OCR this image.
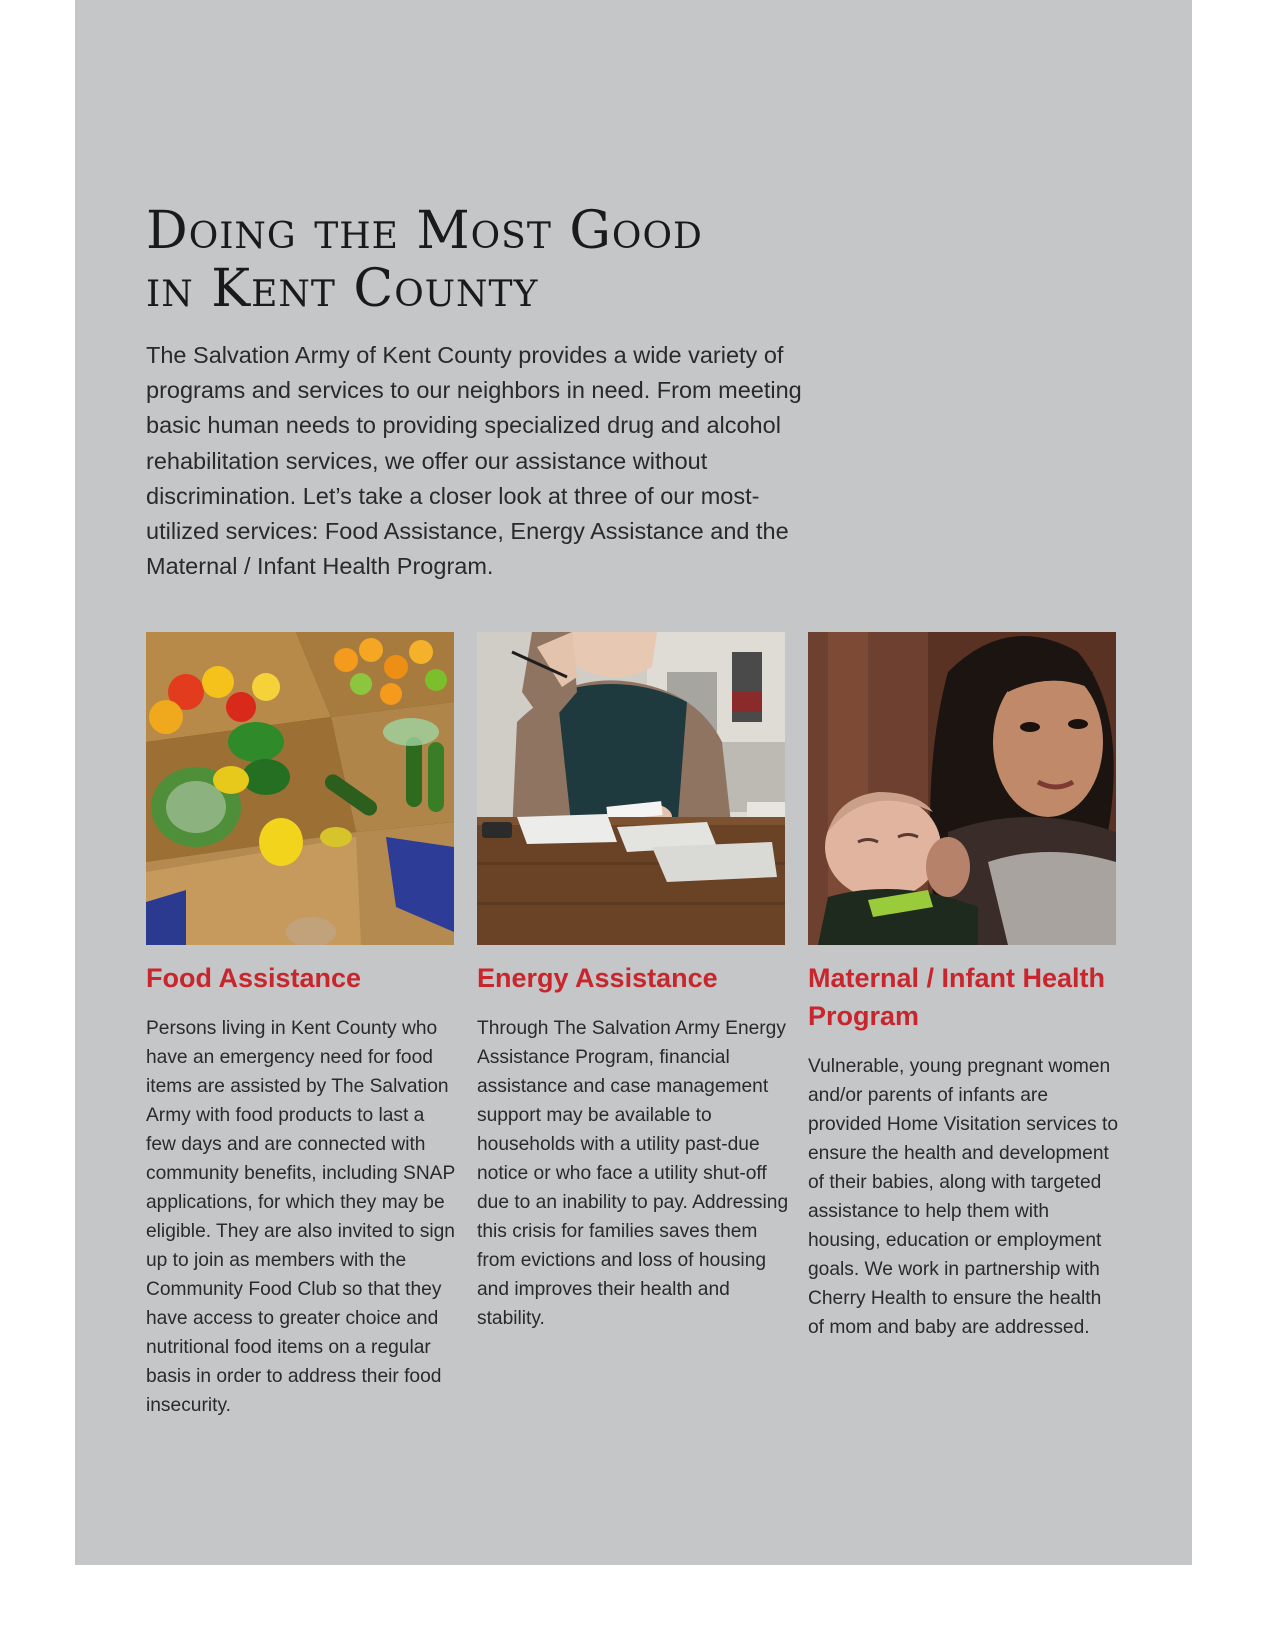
Doing the Most Good
in Kent County

The Salvation Army of Kent County provides a wide variety of programs and services to our neighbors in need. From meeting basic human needs to providing specialized drug and alcohol rehabilitation services, we offer our assistance without discrimination. Let’s take a closer look at three of our most-utilized services: Food Assistance, Energy Assistance and the Maternal / Infant Health Program.

Food Assistance

Persons living in Kent County who have an emergency need for food items are assisted by The Salvation Army with food products to last a few days and are connected with community benefits, including SNAP applications, for which they may be eligible. They are also invited to sign up to join as members with the Community Food Club so that they have access to greater choice and nutritional food items on a regular basis in order to address their food insecurity.

Energy Assistance

Through The Salvation Army Energy Assistance Program, financial assistance and case management support may be available to households with a utility past-due notice or who face a utility shut-off due to an inability to pay. Addressing this crisis for families saves them from evictions and loss of housing and improves their health and stability.

Maternal / Infant Health Program

Vulnerable, young pregnant women and/or parents of infants are provided Home Visitation services to ensure the health and development of their babies, along with targeted assistance to help them with housing, education or employment goals. We work in partnership with Cherry Health to ensure the health of mom and baby are addressed.
